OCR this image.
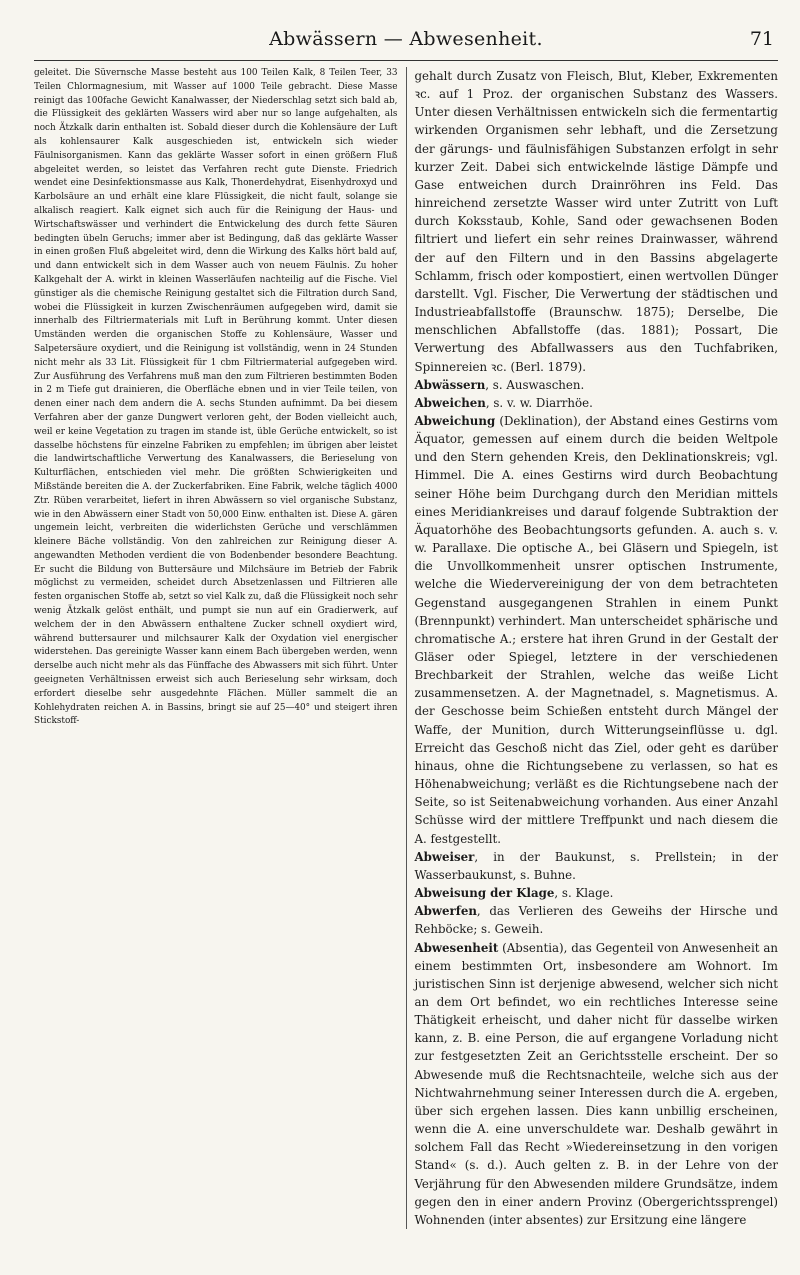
Abwässern — Abwesenheit.	71

geleitet. Die Süvernsche Masse besteht aus 100 Teilen Kalk, 8 Teilen Teer, 33 Teilen Chlormagnesium, mit Wasser auf 1000 Teile gebracht. Diese Masse reinigt das 100fache Gewicht Kanalwasser, der Niederschlag setzt sich bald ab, die Flüssigkeit des geklärten Wassers wird aber nur so lange aufgehalten, als noch Ätzkalk darin enthalten ist. Sobald dieser durch die Kohlensäure der Luft als kohlensaurer Kalk ausgeschieden ist, entwickeln sich wieder Fäulnisorganismen. Kann das geklärte Wasser sofort in einen größern Fluß abgeleitet werden, so leistet das Verfahren recht gute Dienste. Friedrich wendet eine Desinfektionsmasse aus Kalk, Thonerdehydrat, Eisenhydroxyd und Karbolsäure an und erhält eine klare Flüssigkeit, die nicht fault, solange sie alkalisch reagiert. Kalk eignet sich auch für die Reinigung der Haus- und Wirtschaftswässer und verhindert die Entwickelung des durch fette Säuren bedingten übeln Geruchs; immer aber ist Bedingung, daß das geklärte Wasser in einen großen Fluß abgeleitet wird, denn die Wirkung des Kalks hört bald auf, und dann entwickelt sich in dem Wasser auch von neuem Fäulnis. Zu hoher Kalkgehalt der A. wirkt in kleinen Wasserläufen nachteilig auf die Fische. Viel günstiger als die chemische Reinigung gestaltet sich die Filtration durch Sand, wobei die Flüssigkeit in kurzen Zwischenräumen aufgegeben wird, damit sie innerhalb des Filtriermaterials mit Luft in Berührung kommt. Unter diesen Umständen werden die organischen Stoffe zu Kohlensäure, Wasser und Salpetersäure oxydiert, und die Reinigung ist vollständig, wenn in 24 Stunden nicht mehr als 33 Lit. Flüssigkeit für 1 cbm Filtriermaterial aufgegeben wird. Zur Ausführung des Verfahrens muß man den zum Filtrieren bestimmten Boden in 2 m Tiefe gut drainieren, die Oberfläche ebnen und in vier Teile teilen, von denen einer nach dem andern die A. sechs Stunden aufnimmt. Da bei diesem Verfahren aber der ganze Dungwert verloren geht, der Boden vielleicht auch, weil er keine Vegetation zu tragen im stande ist, üble Gerüche entwickelt, so ist dasselbe höchstens für einzelne Fabriken zu empfehlen; im übrigen aber leistet die landwirtschaftliche Verwertung des Kanalwassers, die Berieselung von Kulturflächen, entschieden viel mehr. Die größten Schwierigkeiten und Mißstände bereiten die A. der Zuckerfabriken. Eine Fabrik, welche täglich 4000 Ztr. Rüben verarbeitet, liefert in ihren Abwässern so viel organische Substanz, wie in den Abwässern einer Stadt von 50,000 Einw. enthalten ist. Diese A. gären ungemein leicht, verbreiten die widerlichsten Gerüche und verschlämmen kleinere Bäche vollständig. Von den zahlreichen zur Reinigung dieser A. angewandten Methoden verdient die von Bodenbender besondere Beachtung. Er sucht die Bildung von Buttersäure und Milchsäure im Betrieb der Fabrik möglichst zu vermeiden, scheidet durch Absetzenlassen und Filtrieren alle festen organischen Stoffe ab, setzt so viel Kalk zu, daß die Flüssigkeit noch sehr wenig Ätzkalk gelöst enthält, und pumpt sie nun auf ein Gradierwerk, auf welchem der in den Abwässern enthaltene Zucker schnell oxydiert wird, während buttersaurer und milchsaurer Kalk der Oxydation viel energischer widerstehen. Das gereinigte Wasser kann einem Bach übergeben werden, wenn derselbe auch nicht mehr als das Fünffache des Abwassers mit sich führt. Unter geeigneten Verhältnissen erweist sich auch Berieselung sehr wirksam, doch erfordert dieselbe sehr ausgedehnte Flächen. Müller sammelt die an Kohlehydraten reichen A. in Bassins, bringt sie auf 25—40° und steigert ihren Stickstoff-

gehalt durch Zusatz von Fleisch, Blut, Kleber, Exkrementen ꝛc. auf 1 Proz. der organischen Substanz des Wassers. Unter diesen Verhältnissen entwickeln sich die fermentartig wirkenden Organismen sehr lebhaft, und die Zersetzung der gärungs- und fäulnisfähigen Substanzen erfolgt in sehr kurzer Zeit. Dabei sich entwickelnde lästige Dämpfe und Gase entweichen durch Drainröhren ins Feld. Das hinreichend zersetzte Wasser wird unter Zutritt von Luft durch Koksstaub, Kohle, Sand oder gewachsenen Boden filtriert und liefert ein sehr reines Drainwasser, während der auf den Filtern und in den Bassins abgelagerte Schlamm, frisch oder kompostiert, einen wertvollen Dünger darstellt. Vgl. Fischer, Die Verwertung der städtischen und Industrieabfallstoffe (Braunschw. 1875); Derselbe, Die menschlichen Abfallstoffe (das. 1881); Possart, Die Verwertung des Abfallwassers aus den Tuchfabriken, Spinnereien ꝛc. (Berl. 1879).

Abwässern, s. Auswaschen.

Abweichen, s. v. w. Diarrhöe.

Abweichung (Deklination), der Abstand eines Gestirns vom Äquator, gemessen auf einem durch die beiden Weltpole und den Stern gehenden Kreis, den Deklinationskreis; vgl. Himmel. Die A. eines Gestirns wird durch Beobachtung seiner Höhe beim Durchgang durch den Meridian mittels eines Meridiankreises und darauf folgende Subtraktion der Äquatorhöhe des Beobachtungsorts gefunden. A. auch s. v. w. Parallaxe. Die optische A., bei Gläsern und Spiegeln, ist die Unvollkommenheit unsrer optischen Instrumente, welche die Wiedervereinigung der von dem betrachteten Gegenstand ausgegangenen Strahlen in einem Punkt (Brennpunkt) verhindert. Man unterscheidet sphärische und chromatische A.; erstere hat ihren Grund in der Gestalt der Gläser oder Spiegel, letztere in der verschiedenen Brechbarkeit der Strahlen, welche das weiße Licht zusammensetzen. A. der Magnetnadel, s. Magnetismus. A. der Geschosse beim Schießen entsteht durch Mängel der Waffe, der Munition, durch Witterungseinflüsse u. dgl. Erreicht das Geschoß nicht das Ziel, oder geht es darüber hinaus, ohne die Richtungsebene zu verlassen, so hat es Höhenabweichung; verläßt es die Richtungsebene nach der Seite, so ist Seitenabweichung vorhanden. Aus einer Anzahl Schüsse wird der mittlere Treffpunkt und nach diesem die A. festgestellt.

Abweiser, in der Baukunst, s. Prellstein; in der Wasserbaukunst, s. Buhne.

Abweisung der Klage, s. Klage.

Abwerfen, das Verlieren des Geweihs der Hirsche und Rehböcke; s. Geweih.

Abwesenheit (Absentia), das Gegenteil von Anwesenheit an einem bestimmten Ort, insbesondere am Wohnort. Im juristischen Sinn ist derjenige abwesend, welcher sich nicht an dem Ort befindet, wo ein rechtliches Interesse seine Thätigkeit erheischt, und daher nicht für dasselbe wirken kann, z. B. eine Person, die auf ergangene Vorladung nicht zur festgesetzten Zeit an Gerichtsstelle erscheint. Der so Abwesende muß die Rechtsnachteile, welche sich aus der Nichtwahrnehmung seiner Interessen durch die A. ergeben, über sich ergehen lassen. Dies kann unbillig erscheinen, wenn die A. eine unverschuldete war. Deshalb gewährt in solchem Fall das Recht »Wiedereinsetzung in den vorigen Stand« (s. d.). Auch gelten z. B. in der Lehre von der Verjährung für den Abwesenden mildere Grundsätze, indem gegen den in einer andern Provinz (Obergerichtssprengel) Wohnenden (inter absentes) zur Ersitzung eine längere
